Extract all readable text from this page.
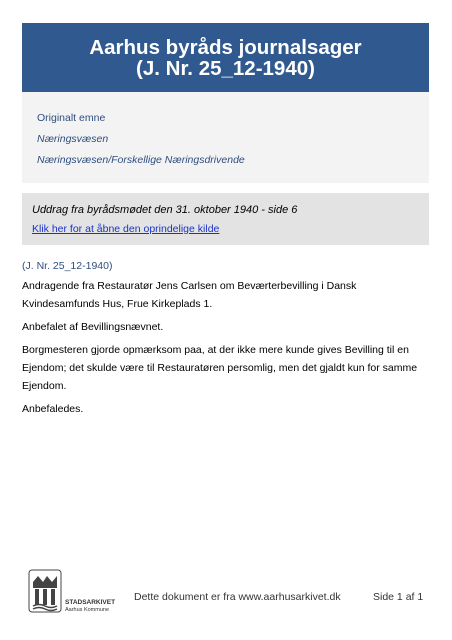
Aarhus byråds journalsager
(J. Nr. 25_12-1940)
Originalt emne
Næringsvæsen
Næringsvæsen/Forskellige Næringsdrivende
Uddrag fra byrådsmødet den 31. oktober 1940 - side 6
Klik her for at åbne den oprindelige kilde

(J. Nr. 25_12-1940)

Andragende fra Restauratør Jens Carlsen om Beværterbevilling i Dansk Kvindesamfunds Hus, Frue Kirkeplads 1.

Anbefalet af Bevillingsnævnet.

Borgmesteren gjorde opmærksom paa, at der ikke mere kunde gives Bevilling til en Ejendom; det skulde være til Restauratøren persomlig, men det gjaldt kun for samme Ejendom.

Anbefaledes.

STADSARKIVET
Aarhus Kommune
Dette dokument er fra www.aarhusarkivet.dk	Side 1 af 1
